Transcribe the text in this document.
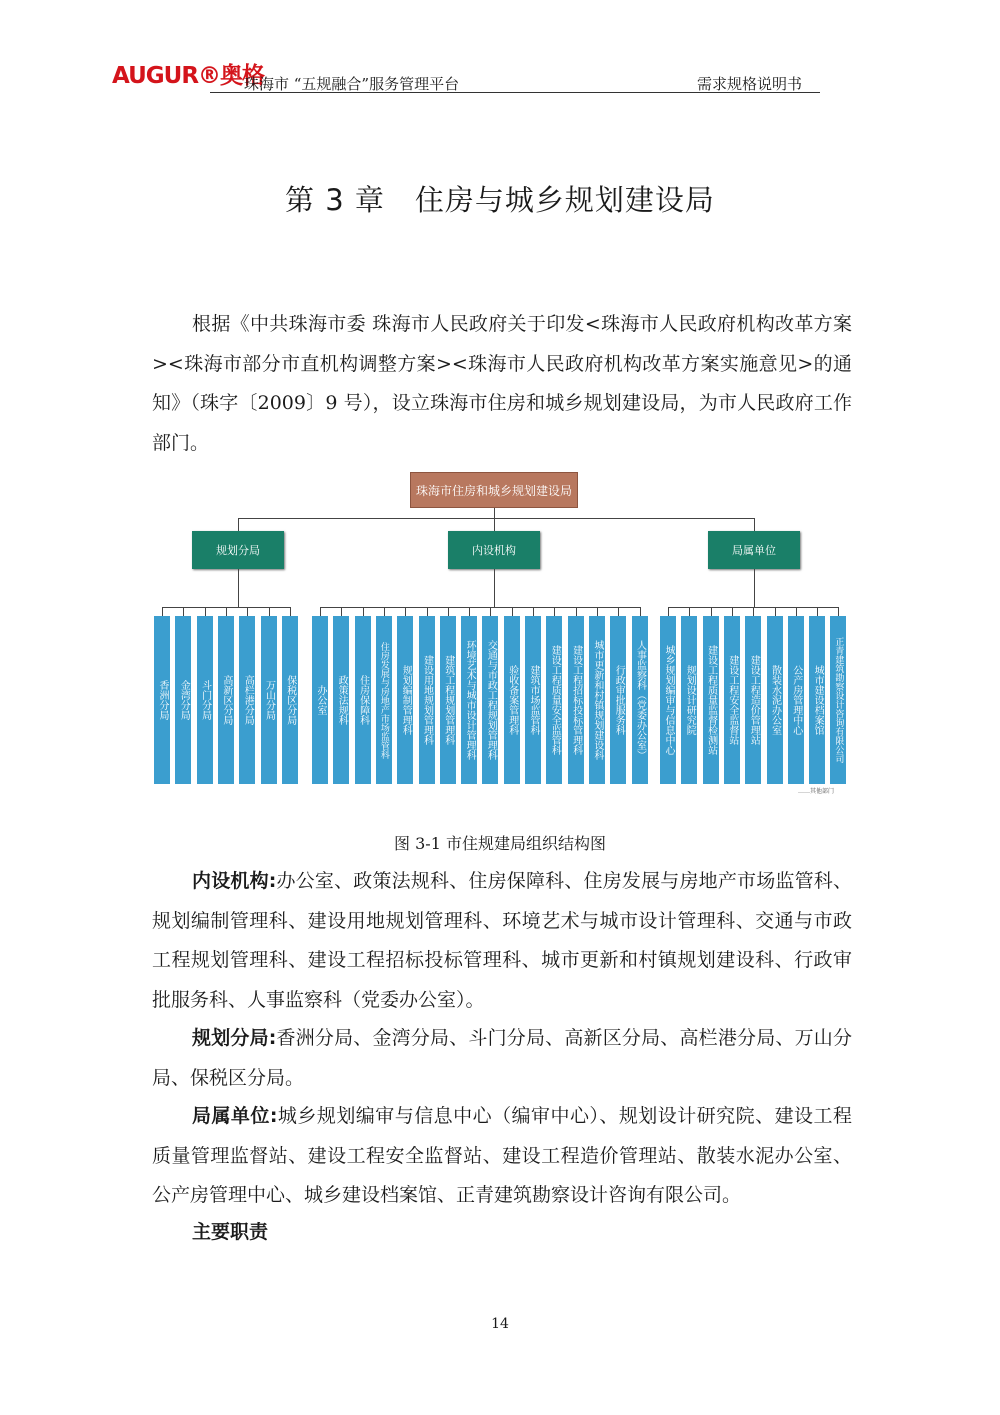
AUGUR®奥格
珠海市 “五规融合”服务管理平台	需求规格说明书
第 3 章　住房与城乡规划建设局

根据《中共珠海市委 珠海市人民政府关于印发<珠海市人民政府机构改革方案><珠海市部分市直机构调整方案><珠海市人民政府机构改革方案实施意见>的通知》（珠字〔2009〕9 号），设立珠海市住房和城乡规划建设局，为市人民政府工作部门。

珠海市住房和城乡规划建设局
……其他部门
规划分局
香洲分局	金湾分局	斗门分局	高新区分局	高栏港分局	万山分局	保税区分局
内设机构
办公室	政策法规科	住房保障科	住房发展与房地产市场监管科	规划编制管理科	建设用地规划管理科	建筑工程规划管理科	环境艺术与城市设计管理科	交通与市政工程规划管理科	验收备案管理科	建筑市场监管科	建设工程质量安全监管科	建设工程招标投标管理科	城市更新和村镇规划建设科	行政审批服务科	人事监察科（党委办公室）
局属单位
城乡规划编审与信息中心	规划设计研究院	建设工程质量监督检测站	建设工程安全监督站	建设工程造价管理站	散装水泥办公室	公产房管理中心	城市建设档案馆	正青建筑勘察设计咨询有限公司
图 3-1 市住规建局组织结构图

内设机构:办公室、政策法规科、住房保障科、住房发展与房地产市场监管科、规划编制管理科、建设用地规划管理科、环境艺术与城市设计管理科、交通与市政工程规划管理科、建设工程招标投标管理科、城市更新和村镇规划建设科、行政审批服务科、人事监察科（党委办公室）。

规划分局:香洲分局、金湾分局、斗门分局、高新区分局、高栏港分局、万山分局、保税区分局。

局属单位:城乡规划编审与信息中心（编审中心）、规划设计研究院、建设工程质量管理监督站、建设工程安全监督站、建设工程造价管理站、散装水泥办公室、公产房管理中心、城乡建设档案馆、正青建筑勘察设计咨询有限公司。

主要职责

14
